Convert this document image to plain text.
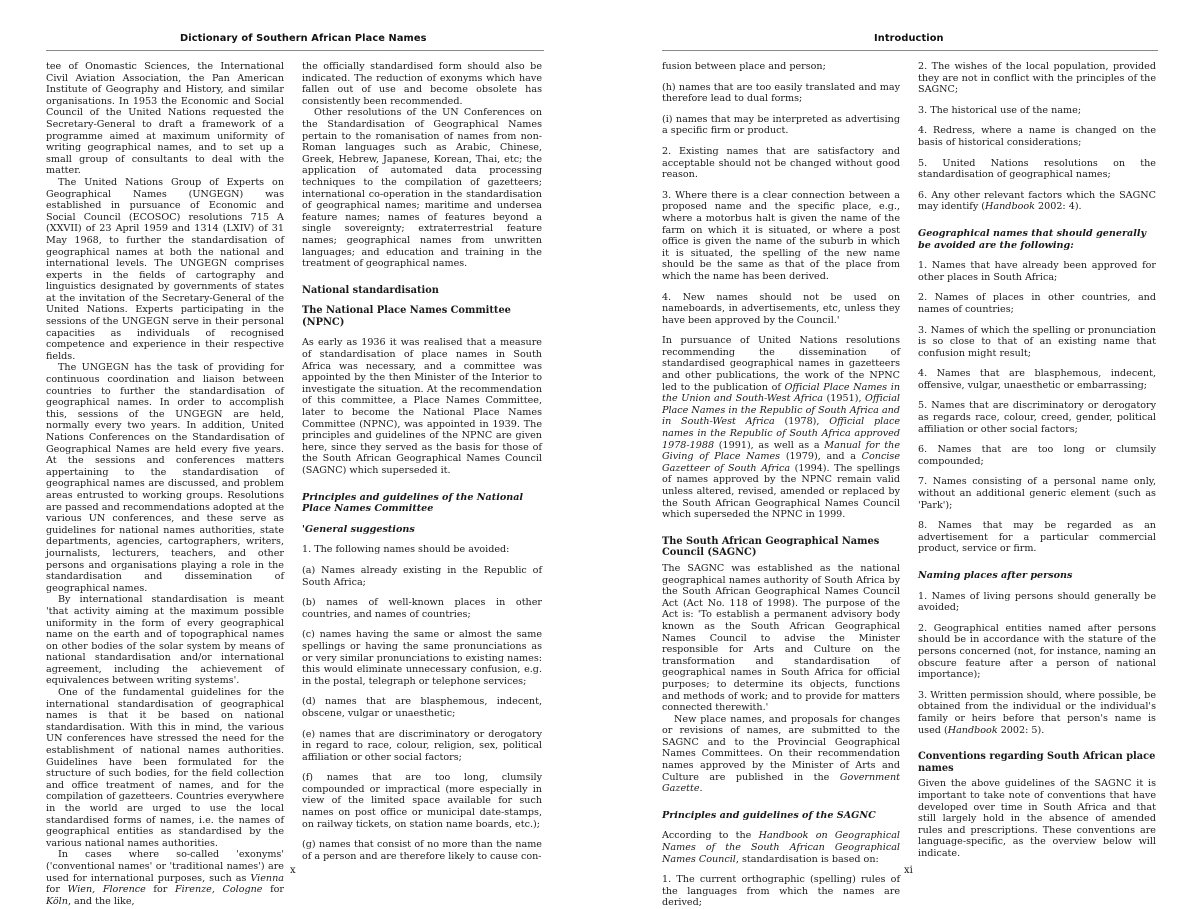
Dictionary of Southern African Place Names

tee of Onomastic Sciences, the International Civil Aviation Association, the Pan American Institute of Geography and History, and similar organisations. In 1953 the Economic and Social Council of the United Nations requested the Secretary-General to draft a framework of a programme aimed at maximum uniformity of writing geographical names, and to set up a small group of consultants to deal with the matter.

The United Nations Group of Experts on Geographical Names (UNGEGN) was established in pursuance of Economic and Social Council (ECOSOC) resolutions 715 A (XXVII) of 23 April 1959 and 1314 (LXIV) of 31 May 1968, to further the standardisation of geographical names at both the national and international levels. The UNGEGN comprises experts in the fields of cartography and linguistics designated by governments of states at the invitation of the Secretary-General of the United Nations. Experts participating in the sessions of the UNGEGN serve in their personal capacities as individuals of recognised competence and experience in their respective fields.

The UNGEGN has the task of providing for continuous coordination and liaison between countries to further the standardisation of geographical names. In order to accomplish this, sessions of the UNGEGN are held, normally every two years. In addition, United Nations Conferences on the Standardisation of Geographical Names are held every five years. At the sessions and conferences matters appertaining to the standardisation of geographical names are discussed, and problem areas entrusted to working groups. Resolutions are passed and recommendations adopted at the various UN conferences, and these serve as guidelines for national names authorities, state departments, agencies, cartographers, writers, journalists, lecturers, teachers, and other persons and organisations playing a role in the standardisation and dissemination of geographical names.

By international standardisation is meant 'that activity aiming at the maximum possible uniformity in the form of every geographical name on the earth and of topographical names on other bodies of the solar system by means of national standardisation and/or international agreement, including the achievement of equivalences between writing systems'.

One of the fundamental guidelines for the international standardisation of geographical names is that it be based on national standardisation. With this in mind, the various UN conferences have stressed the need for the establishment of national names authorities. Guidelines have been formulated for the structure of such bodies, for the field collection and office treatment of names, and for the compilation of gazetteers. Countries everywhere in the world are urged to use the local standardised forms of names, i.e. the names of geographical entities as standardised by the various national names authorities.

In cases where so-called 'exonyms' ('conventional names' or 'traditional names') are used for international purposes, such as Vienna for Wien, Florence for Firenze, Cologne for Köln, and the like,

the officially standardised form should also be indicated. The reduction of exonyms which have fallen out of use and become obsolete has consistently been recommended.

Other resolutions of the UN Conferences on the Standardisation of Geographical Names pertain to the romanisation of names from non-Roman languages such as Arabic, Chinese, Greek, Hebrew, Japanese, Korean, Thai, etc; the application of automated data processing techniques to the compilation of gazetteers; international co-operation in the standardisation of geographical names; maritime and undersea feature names; names of features beyond a single sovereignty; extraterrestrial feature names; geographical names from unwritten languages; and education and training in the treatment of geographical names.

National standardisation
The National Place Names Committee (NPNC)

As early as 1936 it was realised that a measure of standardisation of place names in South Africa was necessary, and a committee was appointed by the then Minister of the Interior to investigate the situation. At the recommendation of this committee, a Place Names Committee, later to become the National Place Names Committee (NPNC), was appointed in 1939. The principles and guidelines of the NPNC are given here, since they served as the basis for those of the South African Geographical Names Council (SAGNC) which superseded it.

Principles and guidelines of the National Place Names Committee
'General suggestions

1. The following names should be avoided:

(a) Names already existing in the Republic of South Africa;

(b) names of well-known places in other countries, and names of countries;

(c) names having the same or almost the same spellings or having the same pronunciations as or very similar pronunciations to existing names: this would eliminate unnecessary confusion, e.g. in the postal, telegraph or telephone services;

(d) names that are blasphemous, indecent, obscene, vulgar or unaesthetic;

(e) names that are discriminatory or derogatory in regard to race, colour, religion, sex, political affiliation or other social factors;

(f) names that are too long, clumsily compounded or impractical (more especially in view of the limited space available for such names on post office or municipal date-stamps, on railway tickets, on station name boards, etc.);

(g) names that consist of no more than the name of a person and are therefore likely to cause con-

x
Introduction

fusion between place and person;

(h) names that are too easily translated and may therefore lead to dual forms;

(i) names that may be interpreted as advertising a specific firm or product.

2. Existing names that are satisfactory and acceptable should not be changed without good reason.

3. Where there is a clear connection between a proposed name and the specific place, e.g., where a motorbus halt is given the name of the farm on which it is situated, or where a post office is given the name of the suburb in which it is situated, the spelling of the new name should be the same as that of the place from which the name has been derived.

4. New names should not be used on nameboards, in advertisements, etc, unless they have been approved by the Council.'

In pursuance of United Nations resolutions recommending the dissemination of standardised geographical names in gazetteers and other publications, the work of the NPNC led to the publication of Official Place Names in the Union and South-West Africa (1951), Official Place Names in the Republic of South Africa and in South-West Africa (1978), Official place names in the Republic of South Africa approved 1978-1988 (1991), as well as a Manual for the Giving of Place Names (1979), and a Concise Gazetteer of South Africa (1994). The spellings of names approved by the NPNC remain valid unless altered, revised, amended or replaced by the South African Geographical Names Council which superseded the NPNC in 1999.

The South African Geographical Names Council (SAGNC)

The SAGNC was established as the national geographical names authority of South Africa by the South African Geographical Names Council Act (Act No. 118 of 1998). The purpose of the Act is: 'To establish a permanent advisory body known as the South African Geographical Names Council to advise the Minister responsible for Arts and Culture on the transformation and standardisation of geographical names in South Africa for official purposes; to determine its objects, functions and methods of work; and to provide for matters connected therewith.'

New place names, and proposals for changes or revisions of names, are submitted to the SAGNC and to the Provincial Geographical Names Committees. On their recommendation names approved by the Minister of Arts and Culture are published in the Government Gazette.

Principles and guidelines of the SAGNC

According to the Handbook on Geographical Names of the South African Geographical Names Council, standardisation is based on:

1. The current orthographic (spelling) rules of the languages from which the names are derived;

2. The wishes of the local population, provided they are not in conflict with the principles of the SAGNC;

3. The historical use of the name;

4. Redress, where a name is changed on the basis of historical considerations;

5. United Nations resolutions on the standardisation of geographical names;

6. Any other relevant factors which the SAGNC may identify (Handbook 2002: 4).

Geographical names that should generally be avoided are the following:

1. Names that have already been approved for other places in South Africa;

2. Names of places in other countries, and names of countries;

3. Names of which the spelling or pronunciation is so close to that of an existing name that confusion might result;

4. Names that are blasphemous, indecent, offensive, vulgar, unaesthetic or embarrassing;

5. Names that are discriminatory or derogatory as regards race, colour, creed, gender, political affiliation or other social factors;

6. Names that are too long or clumsily compounded;

7. Names consisting of a personal name only, without an additional generic element (such as 'Park');

8. Names that may be regarded as an advertisement for a particular commercial product, service or firm.

Naming places after persons

1. Names of living persons should generally be avoided;

2. Geographical entities named after persons should be in accordance with the stature of the persons concerned (not, for instance, naming an obscure feature after a person of national importance);

3. Written permission should, where possible, be obtained from the individual or the individual's family or heirs before that person's name is used (Handbook 2002: 5).

Conventions regarding South African place names

Given the above guidelines of the SAGNC it is important to take note of conventions that have developed over time in South Africa and that still largely hold in the absence of amended rules and prescriptions. These conventions are language-specific, as the overview below will indicate.

xi
